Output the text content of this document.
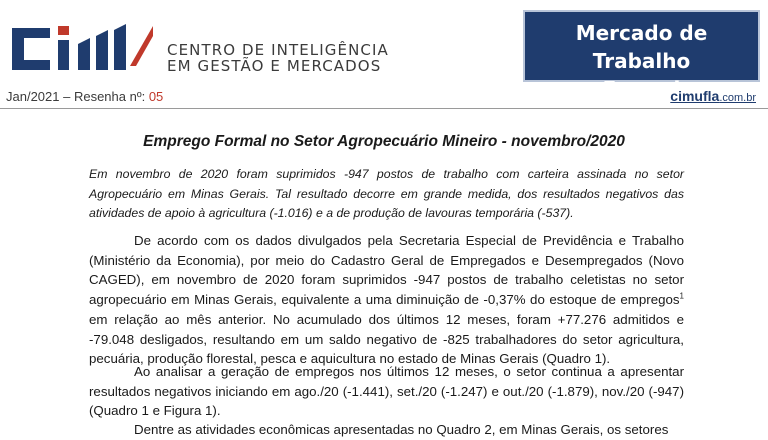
CENTRO DE INTELIGÊNCIA
EM GESTÃO E MERCADOS
Mercado de Trabalho
Formal
Jan/2021 – Resenha nº: 05	cimufla.com.br
Emprego Formal no Setor Agropecuário Mineiro - novembro/2020
Em novembro de 2020 foram suprimidos -947 postos de trabalho com carteira assinada no setor Agropecuário em Minas Gerais. Tal resultado decorre em grande medida, dos resultados negativos das atividades de apoio à agricultura (-1.016) e a de produção de lavouras temporária (-537).

De acordo com os dados divulgados pela Secretaria Especial de Previdência e Trabalho (Ministério da Economia), por meio do Cadastro Geral de Empregados e Desempregados (Novo CAGED), em novembro de 2020 foram suprimidos -947 postos de trabalho celetistas no setor agropecuário em Minas Gerais, equivalente a uma diminuição de -0,37% do estoque de empregos$^1$ em relação ao mês anterior. No acumulado dos últimos 12 meses, foram +77.276 admitidos e -79.048 desligados, resultando em um saldo negativo de -825 trabalhadores do setor agricultura, pecuária, produção florestal, pesca e aquicultura no estado de Minas Gerais (Quadro 1).

Ao analisar a geração de empregos nos últimos 12 meses, o setor continua a apresentar resultados negativos iniciando em ago./20 (-1.441), set./20 (-1.247) e out./20 (-1.879), nov./20 (-947) (Quadro 1 e Figura 1).

Dentre as atividades econômicas apresentadas no Quadro 2, em Minas Gerais, os setores
